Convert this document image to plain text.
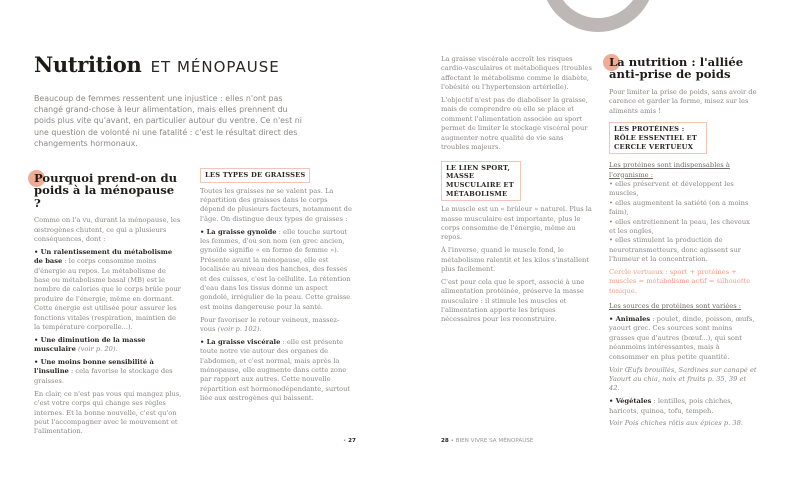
Nutrition ET MÉNOPAUSE
Beaucoup de femmes ressentent une injustice : elles n'ont pas changé grand-chose à leur alimentation, mais elles prennent du poids plus vite qu'avant, en particulier autour du ventre. Ce n'est ni une question de volonté ni une fatalité : c'est le résultat direct des changements hormonaux.
Pourquoi prend-on du poids à la ménopause ?

Comme on l'a vu, durant la ménopause, les œstrogènes chutent, ce qui a plusieurs conséquences, dont :

• Un ralentissement du métabolisme de base : le corps consomme moins d'énergie au repos. Le métabolisme de base ou métabolisme basal (MB) est le nombre de calories que le corps brûle pour produire de l'énergie, même en dormant. Cette énergie est utilisée pour assurer les fonctions vitales (respiration, maintien de la température corporelle...).

• Une diminution de la masse musculaire (voir p. 20).

• Une moins bonne sensibilité à l'insuline : cela favorise le stockage des graisses.

En clair, ce n'est pas vous qui mangez plus, c'est votre corps qui change ses règles internes. Et la bonne nouvelle, c'est qu'on peut l'accompagner avec le mouvement et l'alimentation.

LES TYPES DE GRAISSES

Toutes les graisses ne se valent pas. La répartition des graisses dans le corps dépend de plusieurs facteurs, notamment de l'âge. On distingue deux types de graisses :

• La graisse gynoïde : elle touche surtout les femmes, d'où son nom (en grec ancien, gynoïde signifie « en forme de femme »). Présente avant la ménopause, elle est localisée au niveau des hanches, des fesses et des cuisses, c'est la cellulite. La rétention d'eau dans les tissus donne un aspect gondolé, irrégulier de la peau. Cette graisse est moins dangereuse pour la santé.

Pour favoriser le retour veineux, massez-vous (voir p. 102).

• La graisse viscérale : elle est présente toute notre vie autour des organes de l'abdomen, et c'est normal, mais après la ménopause, elle augmente dans cette zone par rapport aux autres. Cette nouvelle répartition est hormonodépendante, surtout liée aux œstrogènes qui baissent.

La graisse viscérale accroît les risques cardio-vasculaires et métaboliques (troubles affectant le métabolisme comme le diabète, l'obésité ou l'hypertension artérielle).

L'objectif n'est pas de diaboliser la graisse, mais de comprendre où elle se place et comment l'alimentation associée au sport permet de limiter le stockage viscéral pour augmenter notre qualité de vie sans troubles majeurs.

LE LIEN SPORT, MASSE MUSCULAIRE ET MÉTABOLISME

Le muscle est un « brûleur » naturel. Plus la masse musculaire est importante, plus le corps consomme de l'énergie, même au repos.

À l'inverse, quand le muscle fond, le métabolisme ralentit et les kilos s'installent plus facilement.

C'est pour cela que le sport, associé à une alimentation protéinée, préserve la masse musculaire : il stimule les muscles et l'alimentation apporte les briques nécessaires pour les reconstruire.

La nutrition : l'alliée anti-prise de poids

Pour limiter la prise de poids, sans avoir de carence et garder la forme, misez sur les aliments amis !

LES PROTÉINES : RÔLE ESSENTIEL ET CERCLE VERTUEUX

Les protéines sont indispensables à l'organisme :
• elles préservent et développent les muscles,
• elles augmentent la satiété (on a moins faim),
• elles entretiennent la peau, les cheveux et les ongles,
• elles stimulent la production de neurotransmetteurs, donc agissent sur l'humeur et la concentration.

Cercle vertueux : sport + protéines + muscles = métabolisme actif = silhouette tonique.

Les sources de protéines sont variées :

• Animales : poulet, dinde, poisson, œufs, yaourt grec. Ces sources sont moins grasses que d'autres (bœuf...), qui sont néanmoins intéressantes, mais à consommer en plus petite quantité.

Voir Œufs brouillés, Sardines sur canapé et Yaourt au chia, noix et fruits p. 35, 39 et 42.

• Végétales : lentilles, pois chiches, haricots, quinoa, tofu, tempeh.

Voir Pois chiches rôtis aux épices p. 38.

• 27	28 • BIEN VIVRE SA MÉNOPAUSE
